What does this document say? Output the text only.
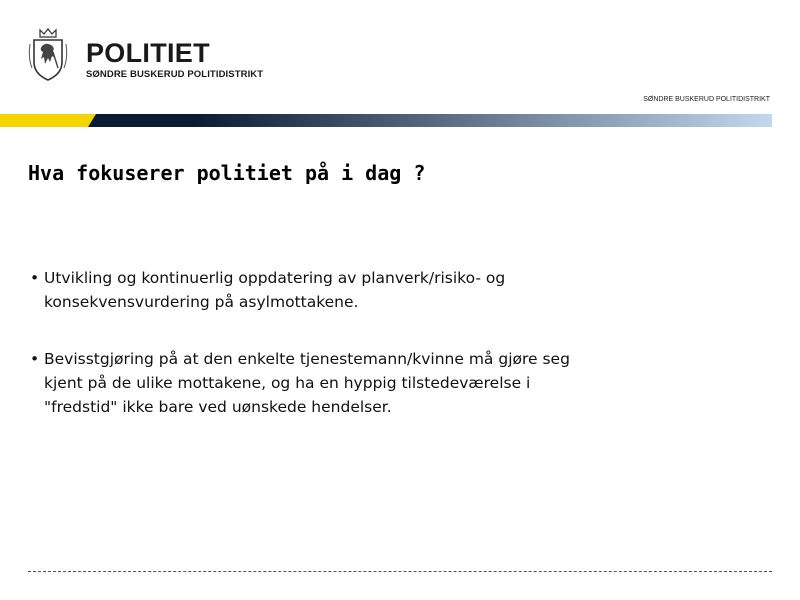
POLITIET
SØNDRE BUSKERUD POLITIDISTRIKT
SØNDRE BUSKERUD POLITIDISTRIKT
Hva fokuserer politiet på i dag ?
• Utvikling og kontinuerlig oppdatering av planverk/risiko- og
konsekvensvurdering på asylmottakene.
• Bevisstgjøring på at den enkelte tjenestemann/kvinne må gjøre seg
kjent på de ulike mottakene, og ha en hyppig tilstedeværelse i
"fredstid" ikke bare ved uønskede hendelser.
